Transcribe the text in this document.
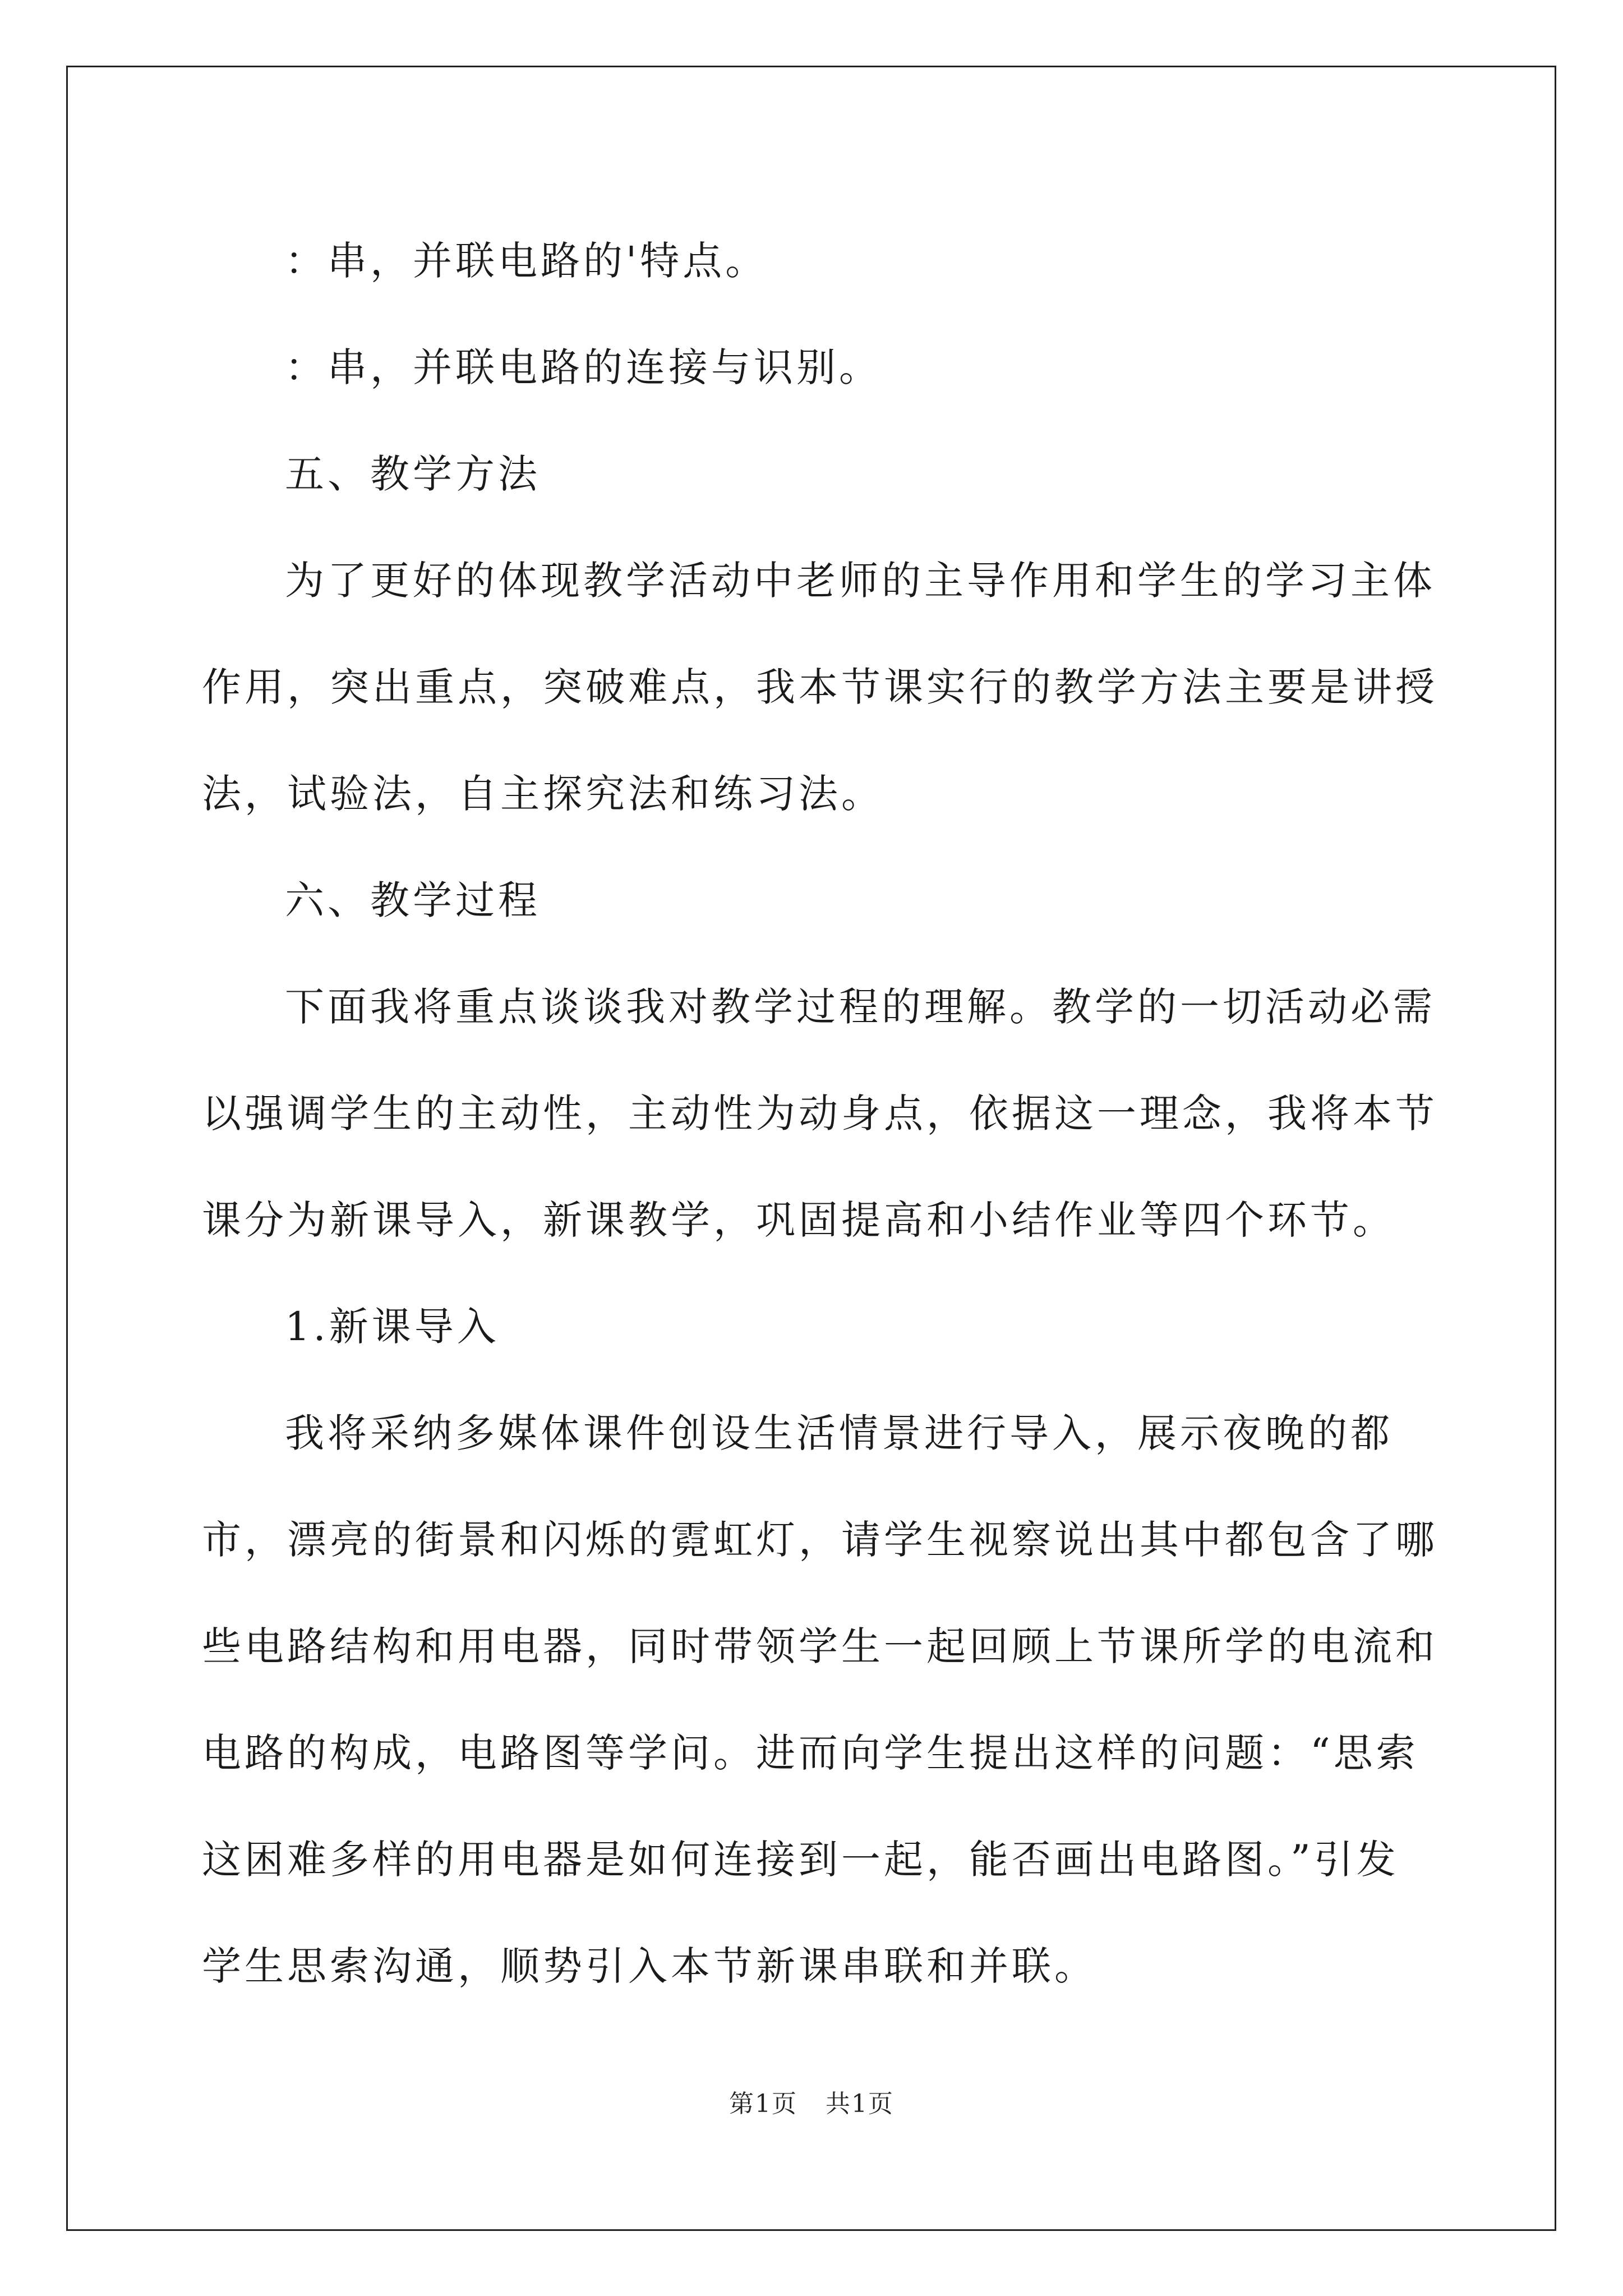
：串，并联电路的'特点。

：串，并联电路的连接与识别。

五、教学方法

为了更好的体现教学活动中老师的主导作用和学生的学习主体作用，突出重点，突破难点，我本节课实行的教学方法主要是讲授法，试验法，自主探究法和练习法。

六、教学过程

下面我将重点谈谈我对教学过程的理解。教学的一切活动必需以强调学生的主动性，主动性为动身点，依据这一理念，我将本节课分为新课导入，新课教学，巩固提高和小结作业等四个环节。

1.新课导入

我将采纳多媒体课件创设生活情景进行导入，展示夜晚的都市，漂亮的街景和闪烁的霓虹灯，请学生视察说出其中都包含了哪些电路结构和用电器，同时带领学生一起回顾上节课所学的电流和电路的构成，电路图等学问。进而向学生提出这样的问题：“思索这困难多样的用电器是如何连接到一起，能否画出电路图。”引发学生思索沟通，顺势引入本节新课串联和并联。

第1页 共1页
